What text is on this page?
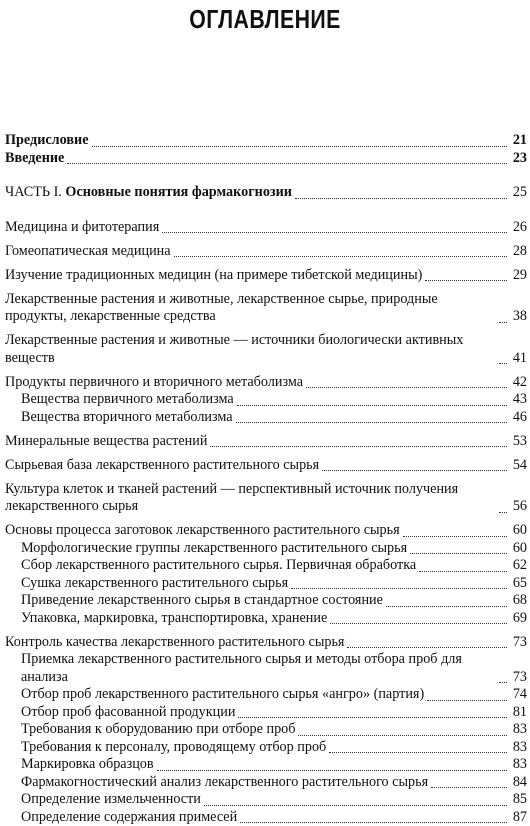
ОГЛАВЛЕНИЕ
Предисловие	21
Введение	23
ЧАСТЬ I. Основные понятия фармакогнозии	25
Медицина и фитотерапия	26
Гомеопатическая медицина	28
Изучение традиционных медицин (на примере тибетской медицины)	29
Лекарственные растения и животные, лекарственное сырье, природные продукты, лекарственные средства	38
Лекарственные растения и животные — источники биологически активных веществ	41
Продукты первичного и вторичного метаболизма	42
Вещества первичного метаболизма	43
Вещества вторичного метаболизма	46
Минеральные вещества растений	53
Сырьевая база лекарственного растительного сырья	54
Культура клеток и тканей растений — перспективный источник получения лекарственного сырья	56
Основы процесса заготовок лекарственного растительного сырья	60
Морфологические группы лекарственного растительного сырья	60
Сбор лекарственного растительного сырья. Первичная обработка	62
Сушка лекарственного растительного сырья	65
Приведение лекарственного сырья в стандартное состояние	68
Упаковка, маркировка, транспортировка, хранение	69
Контроль качества лекарственного растительного сырья	73
Приемка лекарственного растительного сырья и методы отбора проб для анализа	73
Отбор проб лекарственного растительного сырья «ангро» (партия)	74
Отбор проб фасованной продукции	81
Требования к оборудованию при отборе проб	83
Требования к персоналу, проводящему отбор проб	83
Маркировка образцов	83
Фармакогностический анализ лекарственного растительного сырья	84
Определение измельченности	85
Определение содержания примесей	87
